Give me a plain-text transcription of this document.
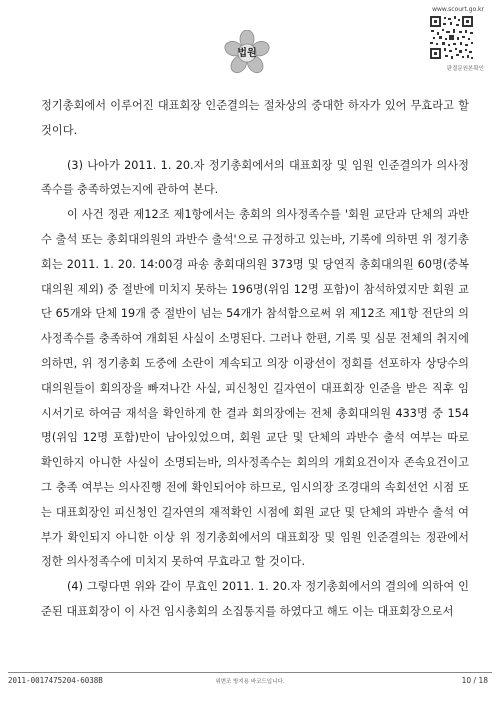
법원
www.scourt.go.kr
판결문원본확인

정기총회에서 이루어진 대표회장 인준결의는 절차상의 중대한 하자가 있어 무효라고 할 것이다.

(3) 나아가 2011. 1. 20.자 정기총회에서의 대표회장 및 임원 인준결의가 의사정족수를 충족하였는지에 관하여 본다.

이 사건 정관 제12조 제1항에서는 총회의 의사정족수를 '회원 교단과 단체의 과반수 출석 또는 총회대의원의 과반수 출석'으로 규정하고 있는바, 기록에 의하면 위 정기총회는 2011. 1. 20. 14:00경 파송 총회대의원 373명 및 당연직 총회대의원 60명(중복대의원 제외) 중 절반에 미치지 못하는 196명(위임 12명 포함)이 참석하였지만 회원 교단 65개와 단체 19개 중 절반이 넘는 54개가 참석함으로써 위 제12조 제1항 전단의 의사정족수를 충족하여 개회된 사실이 소명된다. 그러나 한편, 기록 및 심문 전체의 취지에 의하면, 위 정기총회 도중에 소란이 계속되고 의장 이광선이 정회를 선포하자 상당수의 대의원들이 회의장을 빠져나간 사실, 피신청인 길자연이 대표회장 인준을 받은 직후 임시서기로 하여금 재석을 확인하게 한 결과 회의장에는 전체 총회대의원 433명 중 154명(위임 12명 포함)만이 남아있었으며, 회원 교단 및 단체의 과반수 출석 여부는 따로 확인하지 아니한 사실이 소명되는바, 의사정족수는 회의의 개회요건이자 존속요건이고 그 충족 여부는 의사진행 전에 확인되어야 하므로, 임시의장 조경대의 속회선언 시점 또는 대표회장인 피신청인 길자연의 재적확인 시점에 회원 교단 및 단체의 과반수 출석 여부가 확인되지 아니한 이상 위 정기총회에서의 대표회장 및 임원 인준결의는 정관에서 정한 의사정족수에 미치지 못하여 무효라고 할 것이다.

(4) 그렇다면 위와 같이 무효인 2011. 1. 20.자 정기총회에서의 결의에 의하여 인준된 대표회장이 이 사건 임시총회의 소집통지를 하였다고 해도 이는 대표회장으로서

2011-0017475204-6038B	위변조 방지용 바코드입니다.	10 / 18
